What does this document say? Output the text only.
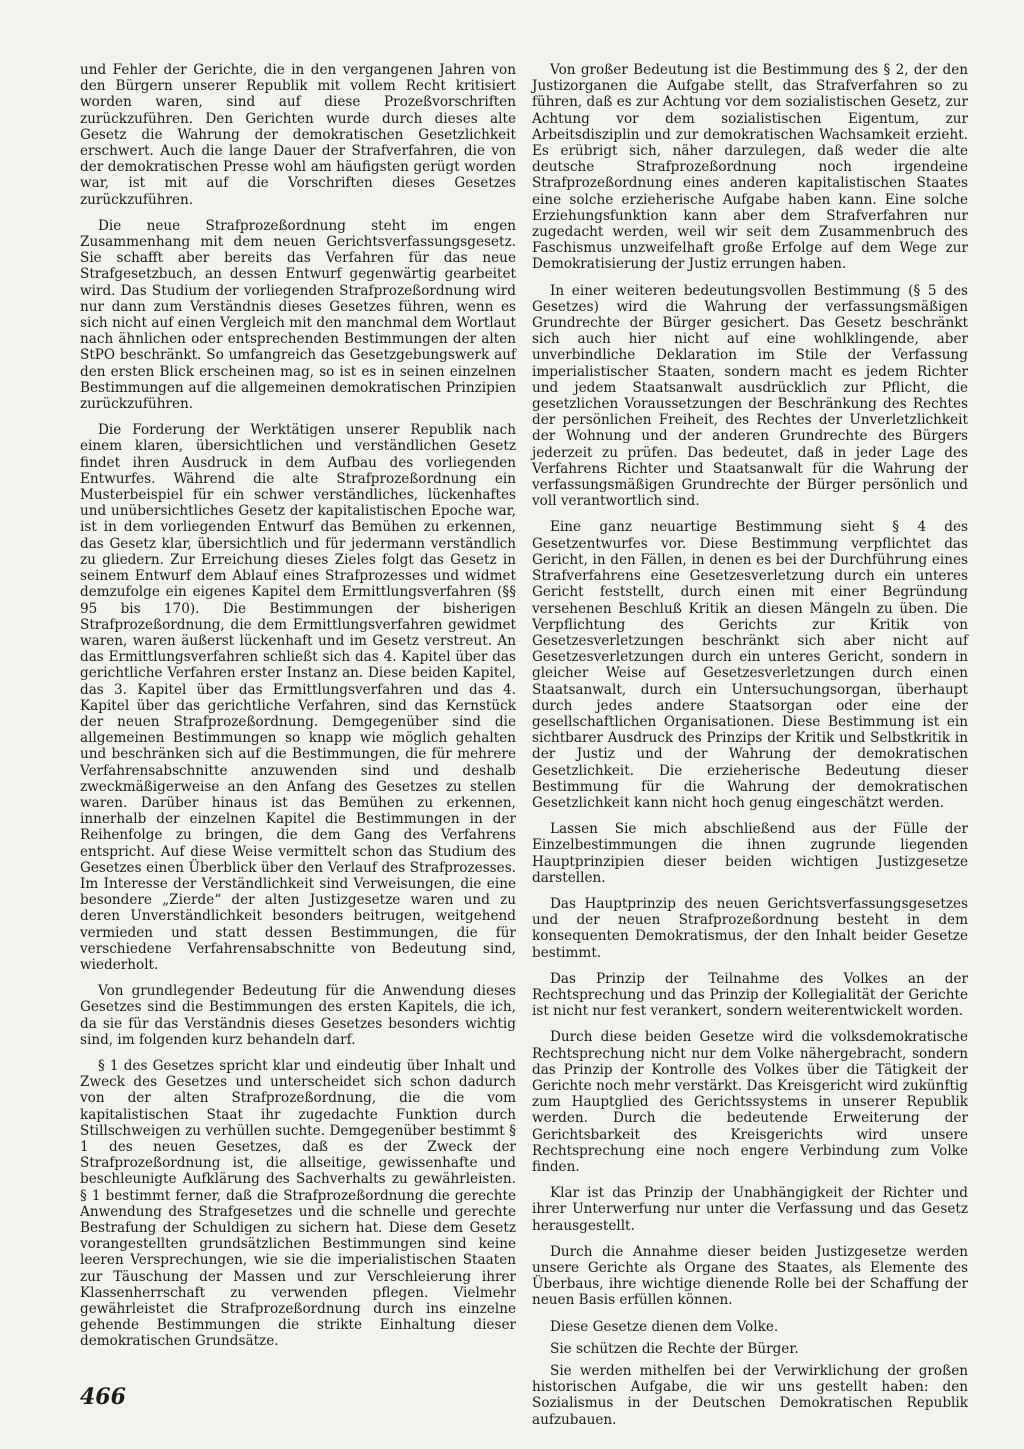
und Fehler der Gerichte, die in den vergangenen Jahren von den Bürgern unserer Republik mit vollem Recht kritisiert worden waren, sind auf diese Prozeßvorschriften zurückzuführen. Den Gerichten wurde durch dieses alte Gesetz die Wahrung der demokratischen Gesetzlichkeit erschwert. Auch die lange Dauer der Strafverfahren, die von der demokratischen Presse wohl am häufigsten gerügt worden war, ist mit auf die Vorschriften dieses Gesetzes zurückzuführen.

Die neue Strafprozeßordnung steht im engen Zusammenhang mit dem neuen Gerichtsverfassungsgesetz. Sie schafft aber bereits das Verfahren für das neue Strafgesetzbuch, an dessen Entwurf gegenwärtig gearbeitet wird. Das Studium der vorliegenden Strafprozeßordnung wird nur dann zum Verständnis dieses Gesetzes führen, wenn es sich nicht auf einen Vergleich mit den manchmal dem Wortlaut nach ähnlichen oder entsprechenden Bestimmungen der alten StPO beschränkt. So umfangreich das Gesetzgebungswerk auf den ersten Blick erscheinen mag, so ist es in seinen einzelnen Bestimmungen auf die allgemeinen demokratischen Prinzipien zurückzuführen.

Die Forderung der Werktätigen unserer Republik nach einem klaren, übersichtlichen und verständlichen Gesetz findet ihren Ausdruck in dem Aufbau des vorliegenden Entwurfes. Während die alte Strafprozeßordnung ein Musterbeispiel für ein schwer verständliches, lückenhaftes und unübersichtliches Gesetz der kapitalistischen Epoche war, ist in dem vorliegenden Entwurf das Bemühen zu erkennen, das Gesetz klar, übersichtlich und für jedermann verständlich zu gliedern. Zur Erreichung dieses Zieles folgt das Gesetz in seinem Entwurf dem Ablauf eines Strafprozesses und widmet demzufolge ein eigenes Kapitel dem Ermittlungsverfahren (§§ 95 bis 170). Die Bestimmungen der bisherigen Strafprozeßordnung, die dem Ermittlungsverfahren gewidmet waren, waren äußerst lückenhaft und im Gesetz verstreut. An das Ermittlungsverfahren schließt sich das 4. Kapitel über das gerichtliche Verfahren erster Instanz an. Diese beiden Kapitel, das 3. Kapitel über das Ermittlungsverfahren und das 4. Kapitel über das gerichtliche Verfahren, sind das Kernstück der neuen Strafprozeßordnung. Demgegenüber sind die allgemeinen Bestimmungen so knapp wie möglich gehalten und beschränken sich auf die Bestimmungen, die für mehrere Verfahrensabschnitte anzuwenden sind und deshalb zweckmäßigerweise an den Anfang des Gesetzes zu stellen waren. Darüber hinaus ist das Bemühen zu erkennen, innerhalb der einzelnen Kapitel die Bestimmungen in der Reihenfolge zu bringen, die dem Gang des Verfahrens entspricht. Auf diese Weise vermittelt schon das Studium des Gesetzes einen Überblick über den Verlauf des Strafprozesses. Im Interesse der Verständlichkeit sind Verweisungen, die eine besondere „Zierde“ der alten Justizgesetze waren und zu deren Unverständlichkeit besonders beitrugen, weitgehend vermieden und statt dessen Bestimmungen, die für verschiedene Verfahrensabschnitte von Bedeutung sind, wiederholt.

Von grundlegender Bedeutung für die Anwendung dieses Gesetzes sind die Bestimmungen des ersten Kapitels, die ich, da sie für das Verständnis dieses Gesetzes besonders wichtig sind, im folgenden kurz behandeln darf.

§ 1 des Gesetzes spricht klar und eindeutig über Inhalt und Zweck des Gesetzes und unterscheidet sich schon dadurch von der alten Strafprozeßordnung, die die vom kapitalistischen Staat ihr zugedachte Funktion durch Stillschweigen zu verhüllen suchte. Demgegenüber bestimmt § 1 des neuen Gesetzes, daß es der Zweck der Strafprozeßordnung ist, die allseitige, gewissenhafte und beschleunigte Aufklärung des Sachverhalts zu gewährleisten. § 1 bestimmt ferner, daß die Strafprozeßordnung die gerechte Anwendung des Strafgesetzes und die schnelle und gerechte Bestrafung der Schuldigen zu sichern hat. Diese dem Gesetz vorangestellten grundsätzlichen Bestimmungen sind keine leeren Versprechungen, wie sie die imperialistischen Staaten zur Täuschung der Massen und zur Verschleierung ihrer Klassenherrschaft zu verwenden pflegen. Vielmehr gewährleistet die Strafprozeßordnung durch ins einzelne gehende Bestimmungen die strikte Einhaltung dieser demokratischen Grundsätze.

Von großer Bedeutung ist die Bestimmung des § 2, der den Justizorganen die Aufgabe stellt, das Strafverfahren so zu führen, daß es zur Achtung vor dem sozialistischen Gesetz, zur Achtung vor dem sozialistischen Eigentum, zur Arbeitsdisziplin und zur demokratischen Wachsamkeit erzieht. Es erübrigt sich, näher darzulegen, daß weder die alte deutsche Strafprozeßordnung noch irgendeine Strafprozeßordnung eines anderen kapitalistischen Staates eine solche erzieherische Aufgabe haben kann. Eine solche Erziehungsfunktion kann aber dem Strafverfahren nur zugedacht werden, weil wir seit dem Zusammenbruch des Faschismus unzweifelhaft große Erfolge auf dem Wege zur Demokratisierung der Justiz errungen haben.

In einer weiteren bedeutungsvollen Bestimmung (§ 5 des Gesetzes) wird die Wahrung der verfassungsmäßigen Grundrechte der Bürger gesichert. Das Gesetz beschränkt sich auch hier nicht auf eine wohlklingende, aber unverbindliche Deklaration im Stile der Verfassung imperialistischer Staaten, sondern macht es jedem Richter und jedem Staatsanwalt ausdrücklich zur Pflicht, die gesetzlichen Voraussetzungen der Beschränkung des Rechtes der persönlichen Freiheit, des Rechtes der Unverletzlichkeit der Wohnung und der anderen Grundrechte des Bürgers jederzeit zu prüfen. Das bedeutet, daß in jeder Lage des Verfahrens Richter und Staatsanwalt für die Wahrung der verfassungsmäßigen Grundrechte der Bürger persönlich und voll verantwortlich sind.

Eine ganz neuartige Bestimmung sieht § 4 des Gesetzentwurfes vor. Diese Bestimmung verpflichtet das Gericht, in den Fällen, in denen es bei der Durchführung eines Strafverfahrens eine Gesetzesverletzung durch ein unteres Gericht feststellt, durch einen mit einer Begründung versehenen Beschluß Kritik an diesen Mängeln zu üben. Die Verpflichtung des Gerichts zur Kritik von Gesetzesverletzungen beschränkt sich aber nicht auf Gesetzesverletzungen durch ein unteres Gericht, sondern in gleicher Weise auf Gesetzesverletzungen durch einen Staatsanwalt, durch ein Untersuchungsorgan, überhaupt durch jedes andere Staatsorgan oder eine der gesellschaftlichen Organisationen. Diese Bestimmung ist ein sichtbarer Ausdruck des Prinzips der Kritik und Selbstkritik in der Justiz und der Wahrung der demokratischen Gesetzlichkeit. Die erzieherische Bedeutung dieser Bestimmung für die Wahrung der demokratischen Gesetzlichkeit kann nicht hoch genug eingeschätzt werden.

Lassen Sie mich abschließend aus der Fülle der Einzelbestimmungen die ihnen zugrunde liegenden Hauptprinzipien dieser beiden wichtigen Justizgesetze darstellen.

Das Hauptprinzip des neuen Gerichtsverfassungsgesetzes und der neuen Strafprozeßordnung besteht in dem konsequenten Demokratismus, der den Inhalt beider Gesetze bestimmt.

Das Prinzip der Teilnahme des Volkes an der Rechtsprechung und das Prinzip der Kollegialität der Gerichte ist nicht nur fest verankert, sondern weiterentwickelt worden.

Durch diese beiden Gesetze wird die volksdemokratische Rechtsprechung nicht nur dem Volke nähergebracht, sondern das Prinzip der Kontrolle des Volkes über die Tätigkeit der Gerichte noch mehr verstärkt. Das Kreisgericht wird zukünftig zum Hauptglied des Gerichtssystems in unserer Republik werden. Durch die bedeutende Erweiterung der Gerichtsbarkeit des Kreisgerichts wird unsere Rechtsprechung eine noch engere Verbindung zum Volke finden.

Klar ist das Prinzip der Unabhängigkeit der Richter und ihrer Unterwerfung nur unter die Verfassung und das Gesetz herausgestellt.

Durch die Annahme dieser beiden Justizgesetze werden unsere Gerichte als Organe des Staates, als Elemente des Überbaus, ihre wichtige dienende Rolle bei der Schaffung der neuen Basis erfüllen können.

Diese Gesetze dienen dem Volke.

Sie schützen die Rechte der Bürger.

Sie werden mithelfen bei der Verwirklichung der großen historischen Aufgabe, die wir uns gestellt haben: den Sozialismus in der Deutschen Demokratischen Republik aufzubauen.

466
